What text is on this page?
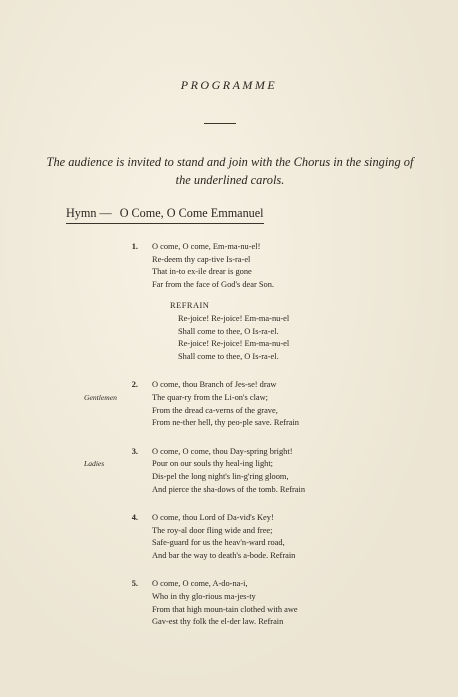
PROGRAMME
The audience is invited to stand and join with the Chorus in the singing of the underlined carols.
Hymn — O Come, O Come Emmanuel
1. O come, O come, Em-ma-nu-el!
Re-deem thy cap-tive Is-ra-el
That in-to ex-ile drear is gone
Far from the face of God's dear Son.
REFRAIN
Re-joice! Re-joice! Em-ma-nu-el
Shall come to thee, O Is-ra-el.
Re-joice! Re-joice! Em-ma-nu-el
Shall come to thee, O Is-ra-el.
2.
Gentlemen
O come, thou Branch of Jes-se! draw
The quar-ry from the Li-on's claw;
From the dread ca-verns of the grave,
From ne-ther hell, thy peo-ple save. Refrain
3.
Ladies
O come, O come, thou Day-spring bright!
Pour on our souls thy heal-ing light;
Dis-pel the long night's lin-g'ring gloom,
And pierce the sha-dows of the tomb. Refrain
4. O come, thou Lord of Da-vid's Key!
The roy-al door fling wide and free;
Safe-guard for us the heav'n-ward road,
And bar the way to death's a-bode. Refrain
5. O come, O come, A-do-na-i,
Who in thy glo-rious ma-jes-ty
From that high moun-tain clothed with awe
Gav-est thy folk the el-der law. Refrain
